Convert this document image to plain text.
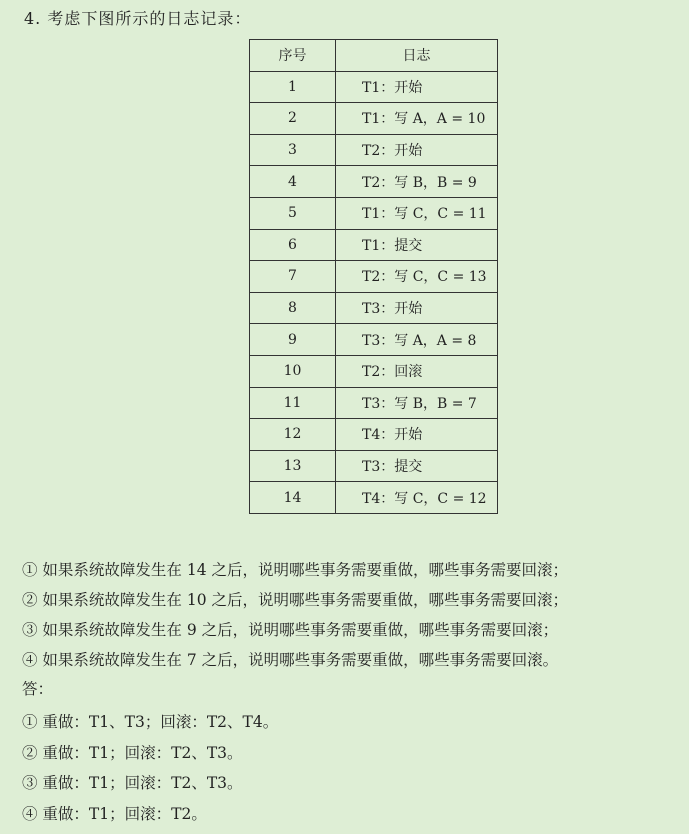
4. 考虑下图所示的日志记录：
序号	日志
1	T1：开始
2	T1：写 A，A = 10
3	T2：开始
4	T2：写 B，B = 9
5	T1：写 C，C = 11
6	T1：提交
7	T2：写 C，C = 13
8	T3：开始
9	T3：写 A，A = 8
10	T2：回滚
11	T3：写 B，B = 7
12	T4：开始
13	T3：提交
14	T4：写 C，C = 12
① 如果系统故障发生在 14 之后，说明哪些事务需要重做，哪些事务需要回滚；
② 如果系统故障发生在 10 之后，说明哪些事务需要重做，哪些事务需要回滚；
③ 如果系统故障发生在 9 之后，说明哪些事务需要重做，哪些事务需要回滚；
④ 如果系统故障发生在 7 之后，说明哪些事务需要重做，哪些事务需要回滚。
答：
① 重做：T1、T3；回滚：T2、T4。
② 重做：T1；回滚：T2、T3。
③ 重做：T1；回滚：T2、T3。
④ 重做：T1；回滚：T2。
